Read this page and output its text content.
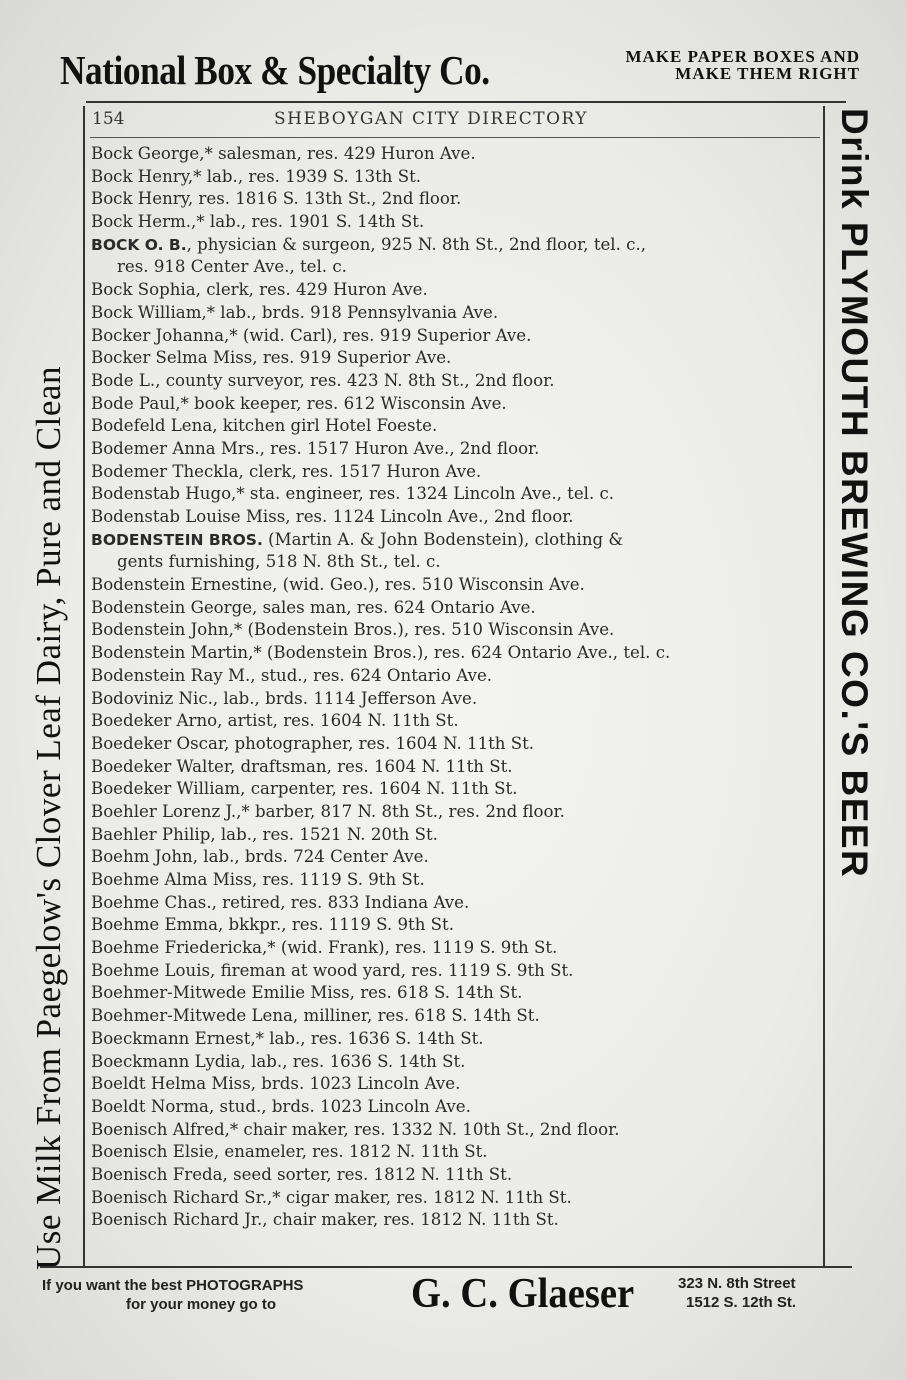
National Box & Specialty Co.	MAKE PAPER BOXES AND
MAKE THEM RIGHT
Use Milk From Paegelow's Clover Leaf Dairy, Pure and Clean	Drink PLYMOUTH BREWING CO.'S BEER
154	SHEBOYGAN CITY DIRECTORY
Bock George,* salesman, res. 429 Huron Ave.
Bock Henry,* lab., res. 1939 S. 13th St.
Bock Henry, res. 1816 S. 13th St., 2nd floor.
Bock Herm.,* lab., res. 1901 S. 14th St.
BOCK O. B., physician & surgeon, 925 N. 8th St., 2nd floor, tel. c.,
res. 918 Center Ave., tel. c.
Bock Sophia, clerk, res. 429 Huron Ave.
Bock William,* lab., brds. 918 Pennsylvania Ave.
Bocker Johanna,* (wid. Carl), res. 919 Superior Ave.
Bocker Selma Miss, res. 919 Superior Ave.
Bode L., county surveyor, res. 423 N. 8th St., 2nd floor.
Bode Paul,* book keeper, res. 612 Wisconsin Ave.
Bodefeld Lena, kitchen girl Hotel Foeste.
Bodemer Anna Mrs., res. 1517 Huron Ave., 2nd floor.
Bodemer Theckla, clerk, res. 1517 Huron Ave.
Bodenstab Hugo,* sta. engineer, res. 1324 Lincoln Ave., tel. c.
Bodenstab Louise Miss, res. 1124 Lincoln Ave., 2nd floor.
BODENSTEIN BROS. (Martin A. & John Bodenstein), clothing &
gents furnishing, 518 N. 8th St., tel. c.
Bodenstein Ernestine, (wid. Geo.), res. 510 Wisconsin Ave.
Bodenstein George, sales man, res. 624 Ontario Ave.
Bodenstein John,* (Bodenstein Bros.), res. 510 Wisconsin Ave.
Bodenstein Martin,* (Bodenstein Bros.), res. 624 Ontario Ave., tel. c.
Bodenstein Ray M., stud., res. 624 Ontario Ave.
Bodoviniz Nic., lab., brds. 1114 Jefferson Ave.
Boedeker Arno, artist, res. 1604 N. 11th St.
Boedeker Oscar, photographer, res. 1604 N. 11th St.
Boedeker Walter, draftsman, res. 1604 N. 11th St.
Boedeker William, carpenter, res. 1604 N. 11th St.
Boehler Lorenz J.,* barber, 817 N. 8th St., res. 2nd floor.
Baehler Philip, lab., res. 1521 N. 20th St.
Boehm John, lab., brds. 724 Center Ave.
Boehme Alma Miss, res. 1119 S. 9th St.
Boehme Chas., retired, res. 833 Indiana Ave.
Boehme Emma, bkkpr., res. 1119 S. 9th St.
Boehme Friedericka,* (wid. Frank), res. 1119 S. 9th St.
Boehme Louis, fireman at wood yard, res. 1119 S. 9th St.
Boehmer-Mitwede Emilie Miss, res. 618 S. 14th St.
Boehmer-Mitwede Lena, milliner, res. 618 S. 14th St.
Boeckmann Ernest,* lab., res. 1636 S. 14th St.
Boeckmann Lydia, lab., res. 1636 S. 14th St.
Boeldt Helma Miss, brds. 1023 Lincoln Ave.
Boeldt Norma, stud., brds. 1023 Lincoln Ave.
Boenisch Alfred,* chair maker, res. 1332 N. 10th St., 2nd floor.
Boenisch Elsie, enameler, res. 1812 N. 11th St.
Boenisch Freda, seed sorter, res. 1812 N. 11th St.
Boenisch Richard Sr.,* cigar maker, res. 1812 N. 11th St.
Boenisch Richard Jr., chair maker, res. 1812 N. 11th St.
If you want the best PHOTOGRAPHS
for your money go to	G. C. Glaeser	323 N. 8th Street
1512 S. 12th St.
